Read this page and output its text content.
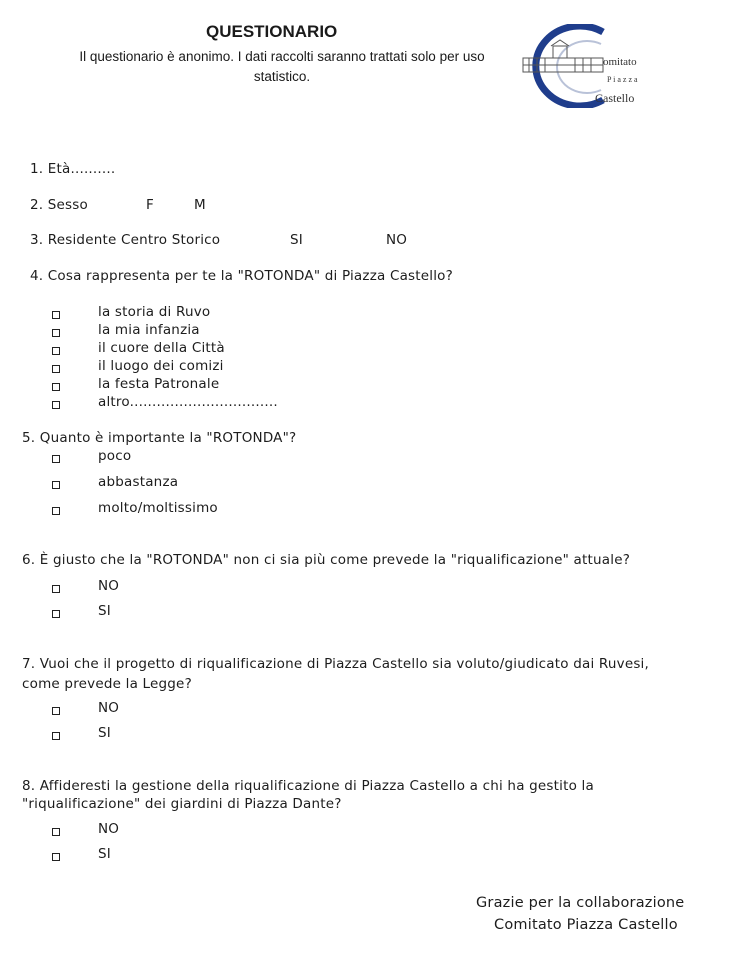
QUESTIONARIO
Il questionario è anonimo. I dati raccolti saranno trattati solo per uso statistico.
omitato
P i a z z a
Castello
1. Età..........
2. Sesso	F	M
3. Residente Centro Storico	SI	NO
4. Cosa rappresenta per te la "ROTONDA" di Piazza Castello?
la storia di Ruvo
la mia infanzia
il cuore della Città
il luogo dei comizi
la festa Patronale
altro.................................
5. Quanto è importante la "ROTONDA"?
poco
abbastanza
molto/moltissimo
6. È giusto che la "ROTONDA" non ci sia più come prevede la "riqualificazione" attuale?
NO
SI
7. Vuoi che il progetto di riqualificazione di Piazza Castello sia voluto/giudicato dai Ruvesi,
come prevede la Legge?
NO
SI
8. Affideresti la gestione della riqualificazione di Piazza Castello a chi ha gestito la
"riqualificazione" dei giardini di Piazza Dante?
NO
SI
Grazie per la collaborazione
Comitato Piazza Castello
